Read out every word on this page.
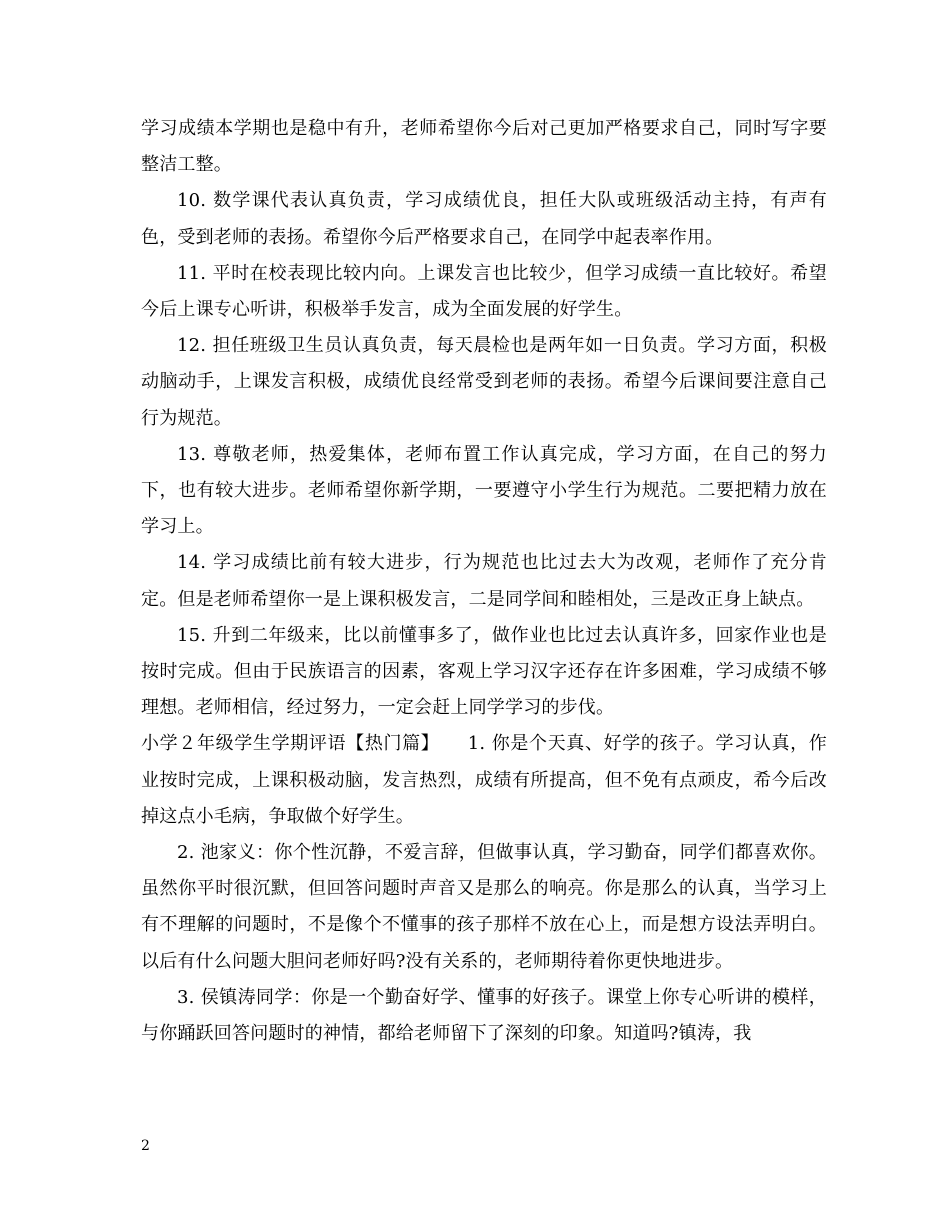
学习成绩本学期也是稳中有升，老师希望你今后对己更加严格要求自己，同时写字要整洁工整。

10. 数学课代表认真负责，学习成绩优良，担任大队或班级活动主持，有声有色，受到老师的表扬。希望你今后严格要求自己，在同学中起表率作用。

11. 平时在校表现比较内向。上课发言也比较少，但学习成绩一直比较好。希望今后上课专心听讲，积极举手发言，成为全面发展的好学生。

12. 担任班级卫生员认真负责，每天晨检也是两年如一日负责。学习方面，积极动脑动手，上课发言积极，成绩优良经常受到老师的表扬。希望今后课间要注意自己行为规范。

13. 尊敬老师，热爱集体，老师布置工作认真完成，学习方面，在自己的努力下，也有较大进步。老师希望你新学期，一要遵守小学生行为规范。二要把精力放在学习上。

14. 学习成绩比前有较大进步，行为规范也比过去大为改观，老师作了充分肯定。但是老师希望你一是上课积极发言，二是同学间和睦相处，三是改正身上缺点。

15. 升到二年级来，比以前懂事多了，做作业也比过去认真许多，回家作业也是按时完成。但由于民族语言的因素，客观上学习汉字还存在许多困难，学习成绩不够理想。老师相信，经过努力，一定会赶上同学学习的步伐。

小学２年级学生学期评语【热门篇】　　1. 你是个天真、好学的孩子。学习认真，作业按时完成，上课积极动脑，发言热烈，成绩有所提高，但不免有点顽皮，希今后改掉这点小毛病，争取做个好学生。

2. 池家义：你个性沉静，不爱言辞，但做事认真，学习勤奋，同学们都喜欢你。虽然你平时很沉默，但回答问题时声音又是那么的响亮。你是那么的认真，当学习上有不理解的问题时，不是像个不懂事的孩子那样不放在心上，而是想方设法弄明白。以后有什么问题大胆问老师好吗?没有关系的，老师期待着你更快地进步。

3. 侯镇涛同学：你是一个勤奋好学、懂事的好孩子。课堂上你专心听讲的模样，与你踊跃回答问题时的神情，都给老师留下了深刻的印象。知道吗?镇涛，我

2
